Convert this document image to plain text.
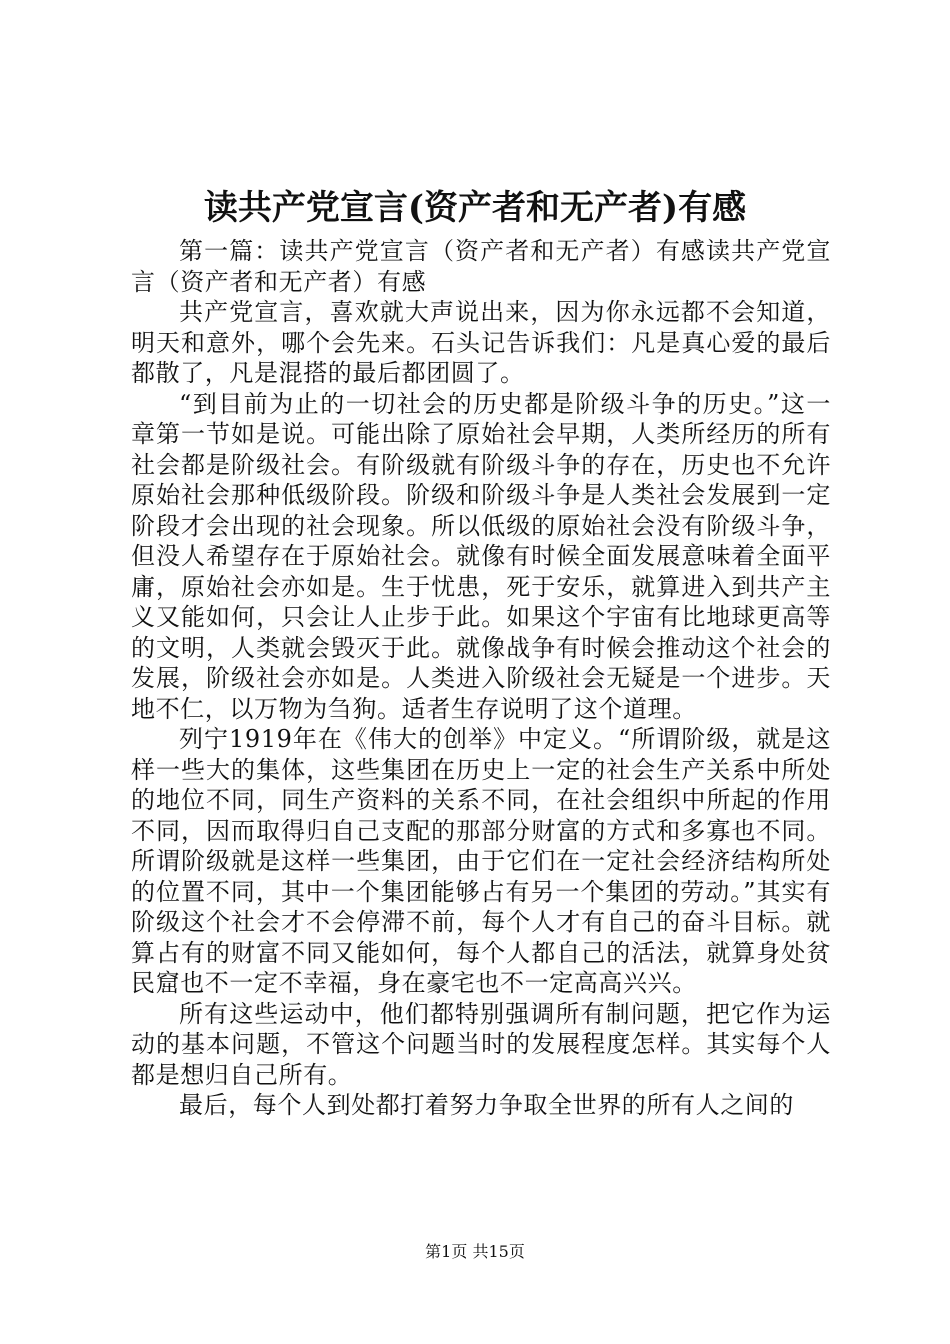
读共产党宣言(资产者和无产者)有感

第一篇：读共产党宣言（资产者和无产者）有感读共产党宣言（资产者和无产者）有感

共产党宣言，喜欢就大声说出来，因为你永远都不会知道，明天和意外，哪个会先来。石头记告诉我们：凡是真心爱的最后都散了，凡是混搭的最后都团圆了。

“到目前为止的一切社会的历史都是阶级斗争的历史。”这一章第一节如是说。可能出除了原始社会早期，人类所经历的所有社会都是阶级社会。有阶级就有阶级斗争的存在，历史也不允许原始社会那种低级阶段。阶级和阶级斗争是人类社会发展到一定阶段才会出现的社会现象。所以低级的原始社会没有阶级斗争，但没人希望存在于原始社会。就像有时候全面发展意味着全面平庸，原始社会亦如是。生于忧患，死于安乐，就算进入到共产主义又能如何，只会让人止步于此。如果这个宇宙有比地球更高等的文明，人类就会毁灭于此。就像战争有时候会推动这个社会的发展，阶级社会亦如是。人类进入阶级社会无疑是一个进步。天地不仁，以万物为刍狗。适者生存说明了这个道理。

列宁1919年在《伟大的创举》中定义。“所谓阶级，就是这样一些大的集体，这些集团在历史上一定的社会生产关系中所处的地位不同，同生产资料的关系不同，在社会组织中所起的作用不同，因而取得归自己支配的那部分财富的方式和多寡也不同。所谓阶级就是这样一些集团，由于它们在一定社会经济结构所处的位置不同，其中一个集团能够占有另一个集团的劳动。”其实有阶级这个社会才不会停滞不前，每个人才有自己的奋斗目标。就算占有的财富不同又能如何，每个人都自己的活法，就算身处贫民窟也不一定不幸福，身在豪宅也不一定高高兴兴。

所有这些运动中，他们都特别强调所有制问题，把它作为运动的基本问题，不管这个问题当时的发展程度怎样。其实每个人都是想归自己所有。

最后，每个人到处都打着努力争取全世界的所有人之间的

第1页 共15页
